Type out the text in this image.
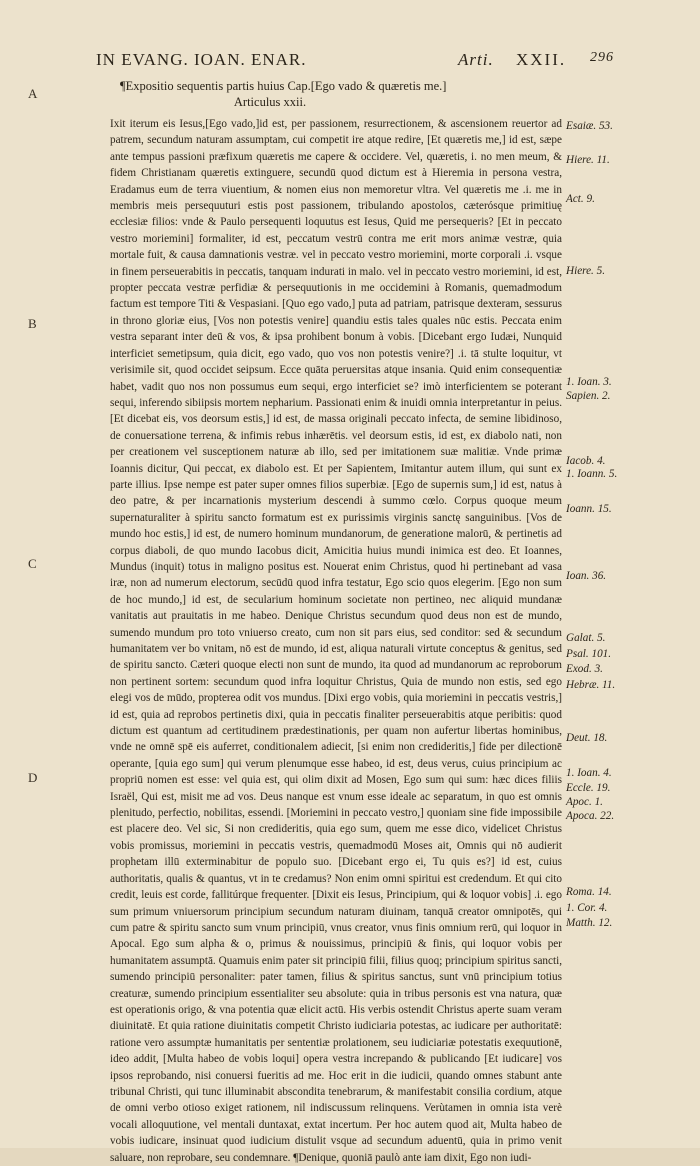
IN EVANG. IOAN. ENAR.	Arti. XXII. 296
A
B
C
D
¶Expositio sequentis partis huius Cap.[Ego vado & quæretis me.]
Articulus xxii.
Ixit iterum eis Iesus,[Ego vado,]id est, per passionem, resurrectionem, & ascensionem reuertor ad patrem, secundum naturam assumptam, cui competit ire atque redire, [Et quæretis me,] id est, sæpe ante tempus passioni præfixum quæretis me capere & occidere. Vel, quæretis, i. no men meum, & fidem Christianam quæretis extinguere, secundū quod dictum est à Hieremia in persona vestra, Eradamus eum de terra viuentium, & nomen eius non memoretur vltra. Vel quæretis me .i. me in membris meis persequuturi estis post passionem, tribulando apostolos, cæterósque primitiuę ecclesiæ filios: vnde & Paulo persequenti loquutus est Iesus, Quid me persequeris? [Et in peccato vestro moriemini] formaliter, id est, peccatum vestrū contra me erit mors animæ vestræ, quia mortale fuit, & causa damnationis vestræ. vel in peccato vestro moriemini, morte corporali .i. vsque in finem perseuerabitis in peccatis, tanquam indurati in malo. vel in peccato vestro moriemini, id est, propter peccata vestræ perfidiæ & persequutionis in me occidemini à Romanis, quemadmodum factum est tempore Titi & Vespasiani. [Quo ego vado,] puta ad patriam, patrisque dexteram, sessurus in throno gloriæ eius, [Vos non potestis venire] quandiu estis tales quales nūc estis. Peccata enim vestra separant inter deū & vos, & ipsa prohibent bonum à vobis. [Dicebant ergo Iudæi, Nunquid interficiet semetipsum, quia dicit, ego vado, quo vos non potestis venire?] .i. tā stulte loquitur, vt verisimile sit, quod occidet seipsum. Ecce quāta peruersitas atque insania. Quid enim consequentiæ habet, vadit quo nos non possumus eum sequi, ergo interficiet se? imò interficientem se poterant sequi, inferendo sibiipsis mortem nepharium. Passionati enim & inuidi omnia interpretantur in peius. [Et dicebat eis, vos deorsum estis,] id est, de massa originali peccato infecta, de semine libidinoso, de conuersatione terrena, & infimis rebus inhærētis. vel deorsum estis, id est, ex diabolo nati, non per creationem vel susceptionem naturæ ab illo, sed per imitationem suæ malitiæ. Vnde primæ Ioannis dicitur, Qui peccat, ex diabolo est. Et per Sapientem, Imitantur autem illum, qui sunt ex parte illius. Ipse nempe est pater super omnes filios superbiæ. [Ego de supernis sum,] id est, natus à deo patre, & per incarnationis mysterium descendi à summo cœlo. Corpus quoque meum supernaturaliter à spiritu sancto formatum est ex purissimis virginis sanctę sanguinibus. [Vos de mundo hoc estis,] id est, de numero hominum mundanorum, de generatione malorū, & pertinetis ad corpus diaboli, de quo mundo Iacobus dicit, Amicitia huius mundi inimica est deo. Et Ioannes, Mundus (inquit) totus in maligno positus est. Nouerat enim Christus, quod hi pertinebant ad vasa iræ, non ad numerum electorum, secūdū quod infra testatur, Ego scio quos elegerim. [Ego non sum de hoc mundo,] id est, de secularium hominum societate non pertineo, nec aliquid mundanæ vanitatis aut prauitatis in me habeo. Denique Christus secundum quod deus non est de mundo, sumendo mundum pro toto vniuerso creato, cum non sit pars eius, sed conditor: sed & secundum humanitatem ver bo vnitam, nō est de mundo, id est, aliqua naturali virtute conceptus & genitus, sed de spiritu sancto. Cæteri quoque electi non sunt de mundo, ita quod ad mundanorum ac reproborum non pertinent sortem: secundum quod infra loquitur Christus, Quia de mundo non estis, sed ego elegi vos de mūdo, propterea odit vos mundus. [Dixi ergo vobis, quia moriemini in peccatis vestris,] id est, quia ad reprobos pertinetis dixi, quia in peccatis finaliter perseuerabitis atque peribitis: quod dictum est quantum ad certitudinem prædestinationis, per quam non aufertur libertas hominibus, vnde ne omnē spē eis auferret, conditionalem adiecit, [si enim non credideritis,] fide per dilectionē operante, [quia ego sum] qui verum plenumque esse habeo, id est, deus verus, cuius principium ac propriū nomen est esse: vel quia est, qui olim dixit ad Mosen, Ego sum qui sum: hæc dices filiis Israël, Qui est, misit me ad vos. Deus nanque est vnum esse ideale ac separatum, in quo est omnis plenitudo, perfectio, nobilitas, essendi. [Moriemini in peccato vestro,] quoniam sine fide impossibile est placere deo. Vel sic, Si non credideritis, quia ego sum, quem me esse dico, videlicet Christus vobis promissus, moriemini in peccatis vestris, quemadmodū Moses ait, Omnis qui nō audierit prophetam illū exterminabitur de populo suo. [Dicebant ergo ei, Tu quis es?] id est, cuius authoritatis, qualis & quantus, vt in te credamus? Non enim omni spiritui est credendum. Et qui cito credit, leuis est corde, fallitúrque frequenter. [Dixit eis Iesus, Principium, qui & loquor vobis] .i. ego sum primum vniuersorum principium secundum naturam diuinam, tanquā creator omnipotēs, qui cum patre & spiritu sancto sum vnum principiū, vnus creator, vnus finis omnium rerū, qui loquor in Apocal. Ego sum alpha & o, primus & nouissimus, principiū & finis, qui loquor vobis per humanitatem assumptā. Quamuis enim pater sit principiū filii, filius quoq; principium spiritus sancti, sumendo principiū personaliter: pater tamen, filius & spiritus sanctus, sunt vnū principium totius creaturæ, sumendo principium essentialiter seu absolute: quia in tribus personis est vna natura, quæ est operationis origo, & vna potentia quæ elicit actū. His verbis ostendit Christus aperte suam veram diuinitatē. Et quia ratione diuinitatis competit Christo iudiciaria potestas, ac iudicare per authoritatē: ratione vero assumptæ humanitatis per sententiæ prolationem, seu iudiciariæ potestatis exequutionē, ideo addit, [Multa habeo de vobis loqui] opera vestra increpando & publicando [Et iudicare] vos ipsos reprobando, nisi conuersi fueritis ad me. Hoc erit in die iudicii, quando omnes stabunt ante tribunal Christi, qui tunc illuminabit abscondita tenebrarum, & manifestabit consilia cordium, atque de omni verbo otioso exiget rationem, nil indiscussum relinquens. Verùtamen in omnia ista verè vocali alloquutione, vel mentali duntaxat, extat incertum. Per hoc autem quod ait, Multa habeo de vobis iudicare, insinuat quod iudicium distulit vsque ad secundum aduentū, quia in primo venit saluare, non reprobare, seu condemnare. ¶Denique, quoniā paulò ante iam dixit, Ego non iudi-
Esaiæ. 53.
Hiere. 11.
Act. 9.
Hiere. 5.
1. Ioan. 3.
Sapien. 2.
Iacob. 4.
1. Ioann. 5.
Ioann. 15.
Ioan. 36.
Galat. 5.
Psal. 101.
Exod. 3.
Hebræ. 11.
Deut. 18.
1. Ioan. 4.
Eccle. 19.
Apoc. 1.
Apoca. 22.
Roma. 14.
1. Cor. 4.
Matth. 12.
